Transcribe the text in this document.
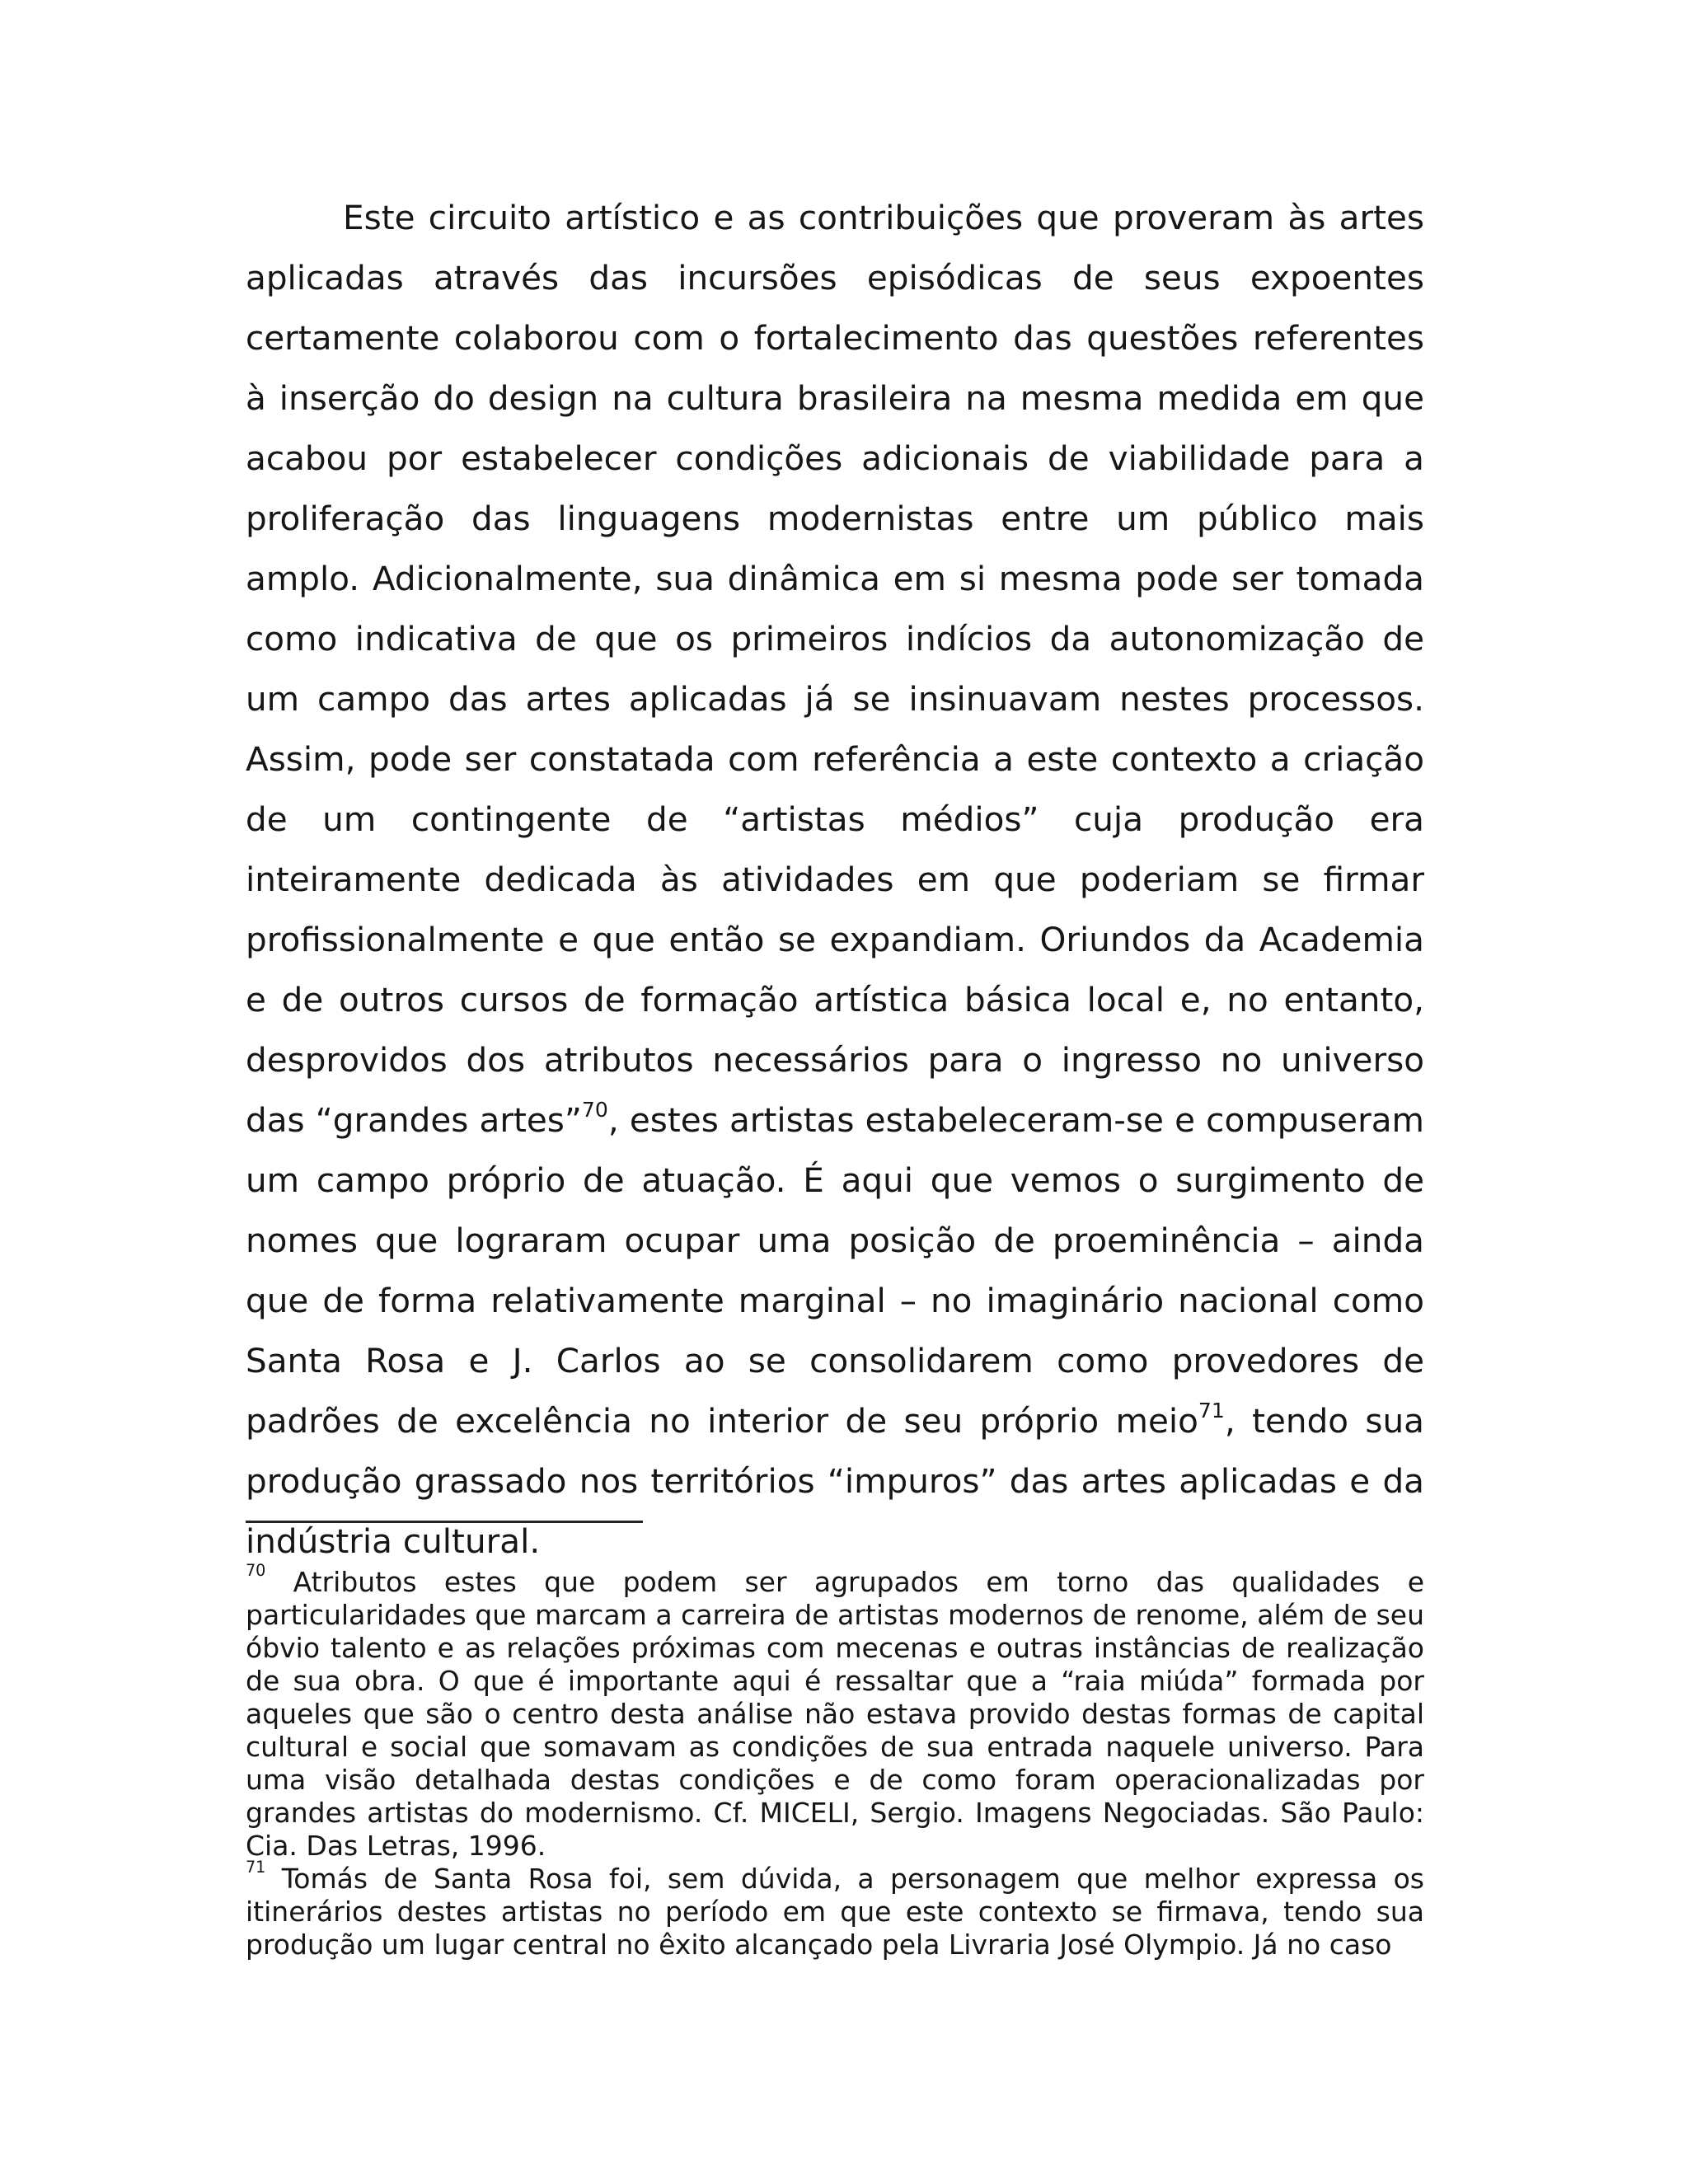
Este circuito artístico e as contribuições que proveram às artes aplicadas através das incursões episódicas de seus expoentes certamente colaborou com o fortalecimento das questões referentes à inserção do design na cultura brasileira na mesma medida em que acabou por estabelecer condições adicionais de viabilidade para a proliferação das linguagens modernistas entre um público mais amplo. Adicionalmente, sua dinâmica em si mesma pode ser tomada como indicativa de que os primeiros indícios da autonomização de um campo das artes aplicadas já se insinuavam nestes processos. Assim, pode ser constatada com referência a este contexto a criação de um contingente de “artistas médios” cuja produção era inteiramente dedicada às atividades em que poderiam se firmar profissionalmente e que então se expandiam. Oriundos da Academia e de outros cursos de formação artística básica local e, no entanto, desprovidos dos atributos necessários para o ingresso no universo das “grandes artes”$^{70}$, estes artistas estabeleceram-se e compuseram um campo próprio de atuação. É aqui que vemos o surgimento de nomes que lograram ocupar uma posição de proeminência – ainda que de forma relativamente marginal – no imaginário nacional como Santa Rosa e J. Carlos ao se consolidarem como provedores de padrões de excelência no interior de seu próprio meio$^{71}$, tendo sua produção grassado nos territórios “impuros” das artes aplicadas e da indústria cultural.

$^{70}$ Atributos estes que podem ser agrupados em torno das qualidades e particularidades que marcam a carreira de artistas modernos de renome, além de seu óbvio talento e as relações próximas com mecenas e outras instâncias de realização de sua obra. O que é importante aqui é ressaltar que a “raia miúda” formada por aqueles que são o centro desta análise não estava provido destas formas de capital cultural e social que somavam as condições de sua entrada naquele universo. Para uma visão detalhada destas condições e de como foram operacionalizadas por grandes artistas do modernismo. Cf. MICELI, Sergio. Imagens Negociadas. São Paulo: Cia. Das Letras, 1996.

$^{71}$ Tomás de Santa Rosa foi, sem dúvida, a personagem que melhor expressa os itinerários destes artistas no período em que este contexto se firmava, tendo sua produção um lugar central no êxito alcançado pela Livraria José Olympio. Já no caso
